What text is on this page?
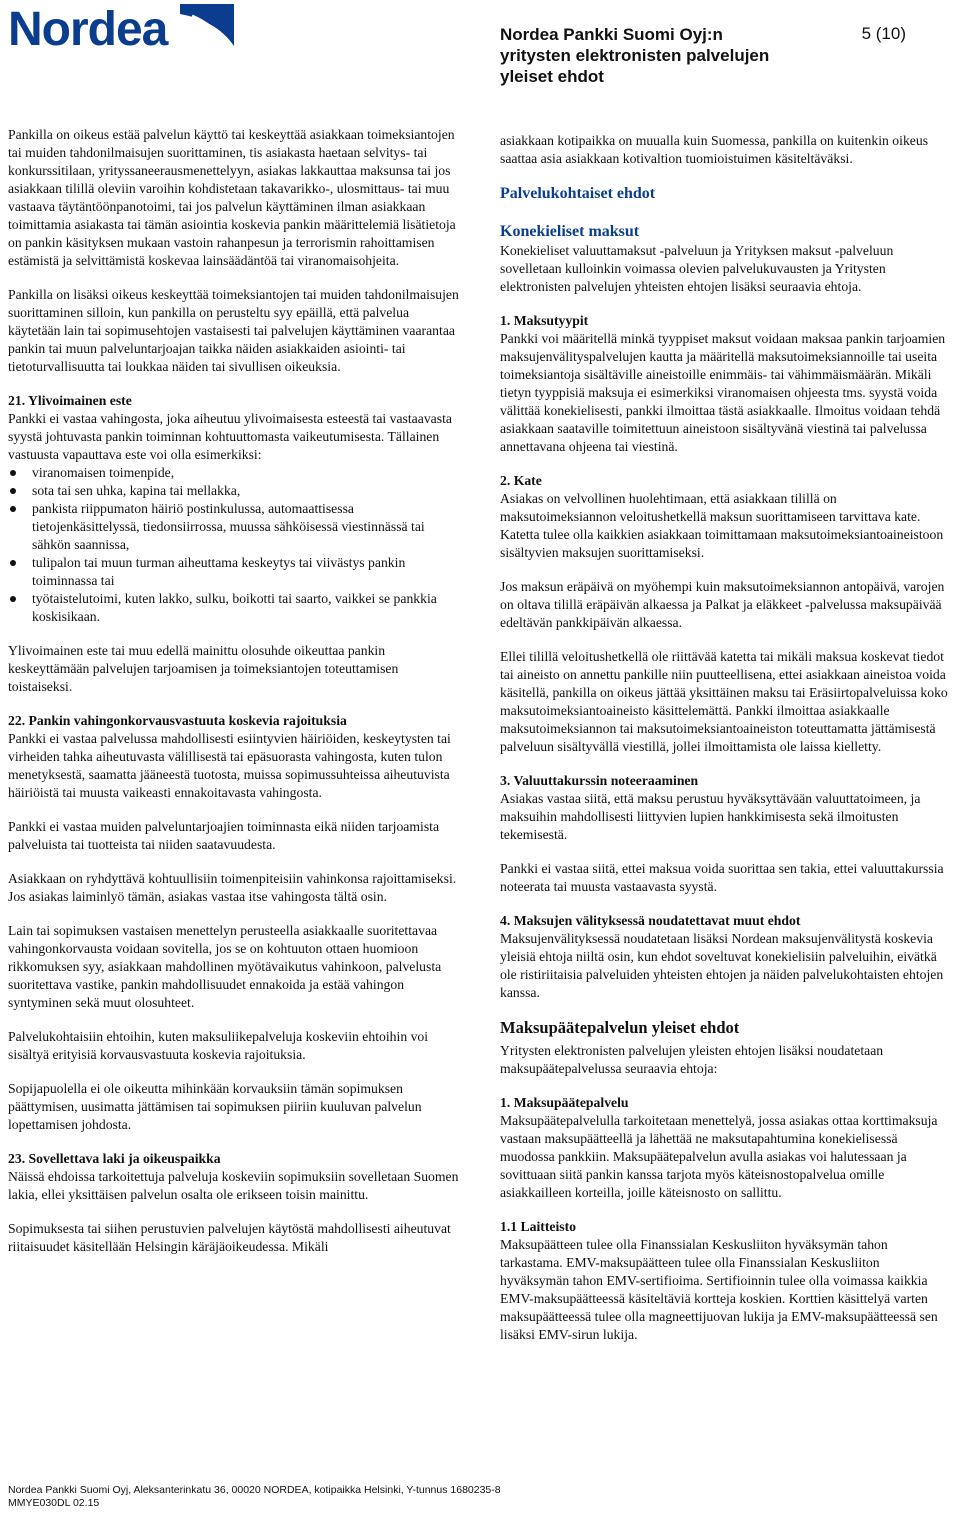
Nordea	Nordea Pankki Suomi Oyj:n
yritysten elektronisten palvelujen
yleiset ehdot
5 (10)

Pankilla on oikeus estää palvelun käyttö tai keskeyttää asiakkaan toimeksiantojen tai muiden tahdonilmaisujen suorittaminen, tis asiakasta haetaan selvitys- tai konkurssitilaan, yrityssaneerausmenettelyyn, asiakas lakkauttaa maksunsa tai jos asiakkaan tilillä oleviin varoihin kohdistetaan takavarikko-, ulosmittaus- tai muu vastaava täytäntöönpanotoimi, tai jos palvelun käyttäminen ilman asiakkaan toimittamia asiakasta tai tämän asiointia koskevia pankin määrittelemiä lisätietoja on pankin käsityksen mukaan vastoin rahanpesun ja terrorismin rahoittamisen estämistä ja selvittämistä koskevaa lainsäädäntöä tai viranomaisohjeita.

Pankilla on lisäksi oikeus keskeyttää toimeksiantojen tai muiden tahdonilmaisujen suorittaminen silloin, kun pankilla on perusteltu syy epäillä, että palvelua käytetään lain tai sopimusehtojen vastaisesti tai palvelujen käyttäminen vaarantaa pankin tai muun palveluntarjoajan taikka näiden asiakkaiden asiointi- tai tietoturvallisuutta tai loukkaa näiden tai sivullisen oikeuksia.

21. Ylivoimainen este

Pankki ei vastaa vahingosta, joka aiheutuu ylivoimaisesta esteestä tai vastaavasta syystä johtuvasta pankin toiminnan kohtuuttomasta vaikeutumisesta. Tällainen vastuusta vapauttava este voi olla esimerkiksi:

viranomaisen toimenpide,
sota tai sen uhka, kapina tai mellakka,
pankista riippumaton häiriö postinkulussa, automaattisessa tietojenkäsittelyssä, tiedonsiirrossa, muussa sähköisessä viestinnässä tai sähkön saannissa,
tulipalon tai muun turman aiheuttama keskeytys tai viivästys pankin toiminnassa tai
työtaistelutoimi, kuten lakko, sulku, boikotti tai saarto, vaikkei se pankkia koskisikaan.

Ylivoimainen este tai muu edellä mainittu olosuhde oikeuttaa pankin keskeyttämään palvelujen tarjoamisen ja toimeksiantojen toteuttamisen toistaiseksi.

22. Pankin vahingonkorvausvastuuta koskevia rajoituksia

Pankki ei vastaa palvelussa mahdollisesti esiintyvien häiriöiden, keskeytysten tai virheiden tahka aiheutuvasta välillisestä tai epäsuorasta vahingosta, kuten tulon menetyksestä, saamatta jääneestä tuotosta, muissa sopimussuhteissa aiheutuvista häiriöistä tai muusta vaikeasti ennakoitavasta vahingosta.

Pankki ei vastaa muiden palveluntarjoajien toiminnasta eikä niiden tarjoamista palveluista tai tuotteista tai niiden saatavuudesta.

Asiakkaan on ryhdyttävä kohtuullisiin toimenpiteisiin vahinkonsa rajoittamiseksi. Jos asiakas laiminlyö tämän, asiakas vastaa itse vahingosta tältä osin.

Lain tai sopimuksen vastaisen menettelyn perusteella asiakkaalle suoritettavaa vahingonkorvausta voidaan sovitella, jos se on kohtuuton ottaen huomioon rikkomuksen syy, asiakkaan mahdollinen myötävaikutus vahinkoon, palvelusta suoritettava vastike, pankin mahdollisuudet ennakoida ja estää vahingon syntyminen sekä muut olosuhteet.

Palvelukohtaisiin ehtoihin, kuten maksuliikepalveluja koskeviin ehtoihin voi sisältyä erityisiä korvausvastuuta koskevia rajoituksia.

Sopijapuolella ei ole oikeutta mihinkään korvauksiin tämän sopimuksen päättymisen, uusimatta jättämisen tai sopimuksen piiriin kuuluvan palvelun lopettamisen johdosta.

23. Sovellettava laki ja oikeuspaikka

Näissä ehdoissa tarkoitettuja palveluja koskeviin sopimuksiin sovelletaan Suomen lakia, ellei yksittäisen palvelun osalta ole erikseen toisin mainittu.

Sopimuksesta tai siihen perustuvien palvelujen käytöstä mahdollisesti aiheutuvat riitaisuudet käsitellään Helsingin käräjäoikeudessa. Mikäli

asiakkaan kotipaikka on muualla kuin Suomessa, pankilla on kuitenkin oikeus saattaa asia asiakkaan kotivaltion tuomioistuimen käsiteltäväksi.

Palvelukohtaiset ehdot
Konekieliset maksut

Konekieliset valuuttamaksut -palveluun ja Yrityksen maksut -palveluun sovelletaan kulloinkin voimassa olevien palvelukuvausten ja Yritysten elektronisten palvelujen yhteisten ehtojen lisäksi seuraavia ehtoja.

1. Maksutyypit

Pankki voi määritellä minkä tyyppiset maksut voidaan maksaa pankin tarjoamien maksujenvälityspalvelujen kautta ja määritellä maksutoimeksiannoille tai useita toimeksiantoja sisältäville aineistoille enimmäis- tai vähimmäismäärän. Mikäli tietyn tyyppisiä maksuja ei esimerkiksi viranomaisen ohjeesta tms. syystä voida välittää konekielisesti, pankki ilmoittaa tästä asiakkaalle. Ilmoitus voidaan tehdä asiakkaan saataville toimitettuun aineistoon sisältyvänä viestinä tai palvelussa annettavana ohjeena tai viestinä.

2. Kate

Asiakas on velvollinen huolehtimaan, että asiakkaan tilillä on maksutoimeksiannon veloitushetkellä maksun suorittamiseen tarvittava kate. Katetta tulee olla kaikkien asiakkaan toimittamaan maksutoimeksiantoaineistoon sisältyvien maksujen suorittamiseksi.

Jos maksun eräpäivä on myöhempi kuin maksutoimeksiannon antopäivä, varojen on oltava tilillä eräpäivän alkaessa ja Palkat ja eläkkeet -palvelussa maksupäivää edeltävän pankkipäivän alkaessa.

Ellei tilillä veloitushetkellä ole riittävää katetta tai mikäli maksua koskevat tiedot tai aineisto on annettu pankille niin puutteellisena, ettei asiakkaan aineistoa voida käsitellä, pankilla on oikeus jättää yksittäinen maksu tai Eräsiirtopalveluissa koko maksutoimeksiantoaineisto käsittelemättä. Pankki ilmoittaa asiakkaalle maksutoimeksiannon tai maksutoimeksiantoaineiston toteuttamatta jättämisestä palveluun sisältyvällä viestillä, jollei ilmoittamista ole laissa kielletty.

3. Valuuttakurssin noteeraaminen

Asiakas vastaa siitä, että maksu perustuu hyväksyttävään valuuttatoimeen, ja maksuihin mahdollisesti liittyvien lupien hankkimisesta sekä ilmoitusten tekemisestä.

Pankki ei vastaa siitä, ettei maksua voida suorittaa sen takia, ettei valuuttakurssia noteerata tai muusta vastaavasta syystä.

4. Maksujen välityksessä noudatettavat muut ehdot

Maksujenvälityksessä noudatetaan lisäksi Nordean maksujenvälitystä koskevia yleisiä ehtoja niiltä osin, kun ehdot soveltuvat konekielisiin palveluihin, eivätkä ole ristiriitaisia palveluiden yhteisten ehtojen ja näiden palvelukohtaisten ehtojen kanssa.

Maksupäätepalvelun yleiset ehdot

Yritysten elektronisten palvelujen yleisten ehtojen lisäksi noudatetaan maksupäätepalvelussa seuraavia ehtoja:

1. Maksupäätepalvelu

Maksupäätepalvelulla tarkoitetaan menettelyä, jossa asiakas ottaa korttimaksuja vastaan maksupäätteellä ja lähettää ne maksutapahtumina konekielisessä muodossa pankkiin. Maksupäätepalvelun avulla asiakas voi halutessaan ja sovittuaan siitä pankin kanssa tarjota myös käteisnostopalvelua omille asiakkailleen korteilla, joille käteisnosto on sallittu.

1.1 Laitteisto

Maksupäätteen tulee olla Finanssialan Keskusliiton hyväksymän tahon tarkastama. EMV-maksupäätteen tulee olla Finanssialan Keskusliiton hyväksymän tahon EMV-sertifioima. Sertifioinnin tulee olla voimassa kaikkia EMV-maksupäätteessä käsiteltäviä kortteja koskien. Korttien käsittelyä varten maksupäätteessä tulee olla magneettijuovan lukija ja EMV-maksupäätteessä sen lisäksi EMV-sirun lukija.

Nordea Pankki Suomi Oyj, Aleksanterinkatu 36, 00020 NORDEA, kotipaikka Helsinki, Y-tunnus 1680235-8
MMYE030DL 02.15
